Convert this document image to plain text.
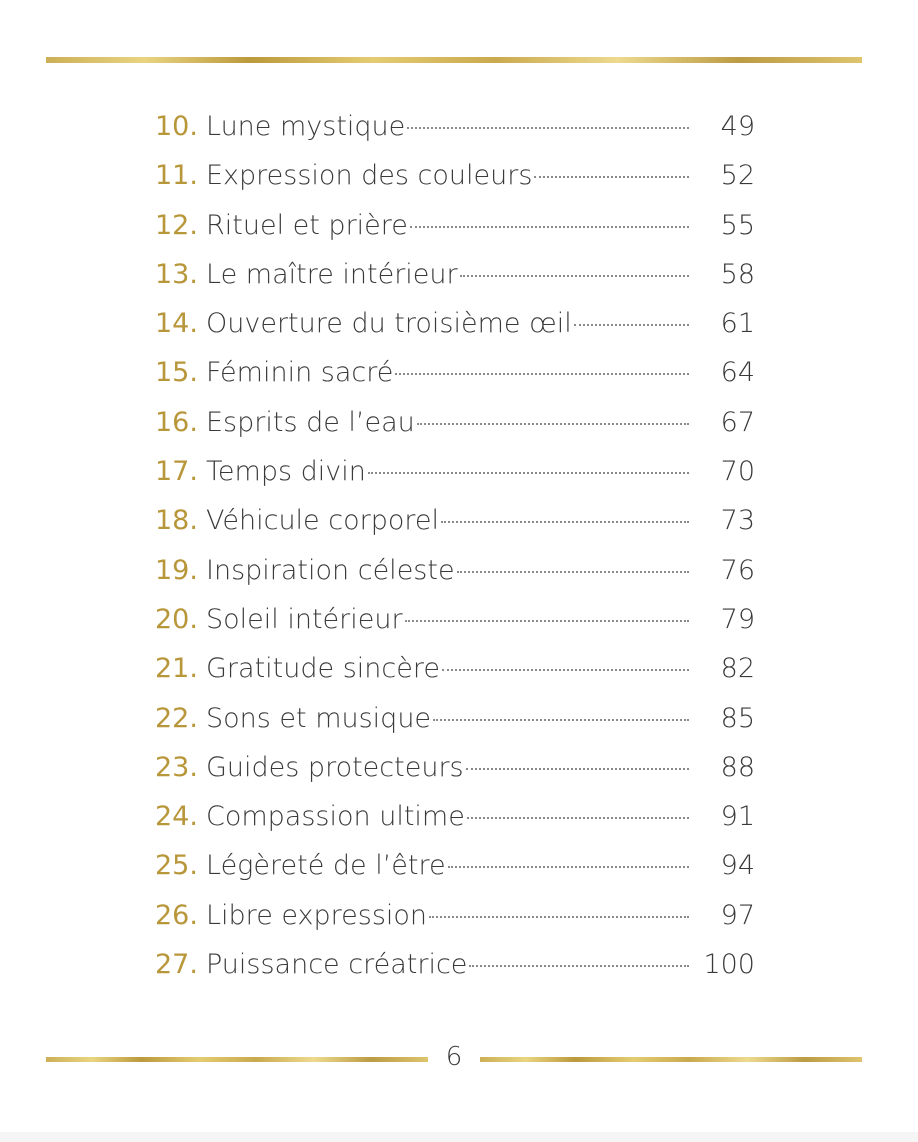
10. Lune mystique	49
11. Expression des couleurs	52
12. Rituel et prière	55
13. Le maître intérieur	58
14. Ouverture du troisième œil	61
15. Féminin sacré	64
16. Esprits de l’eau	67
17. Temps divin	70
18. Véhicule corporel	73
19. Inspiration céleste	76
20. Soleil intérieur	79
21. Gratitude sincère	82
22. Sons et musique	85
23. Guides protecteurs	88
24. Compassion ultime	91
25. Légèreté de l’être	94
26. Libre expression	97
27. Puissance créatrice	100
6
